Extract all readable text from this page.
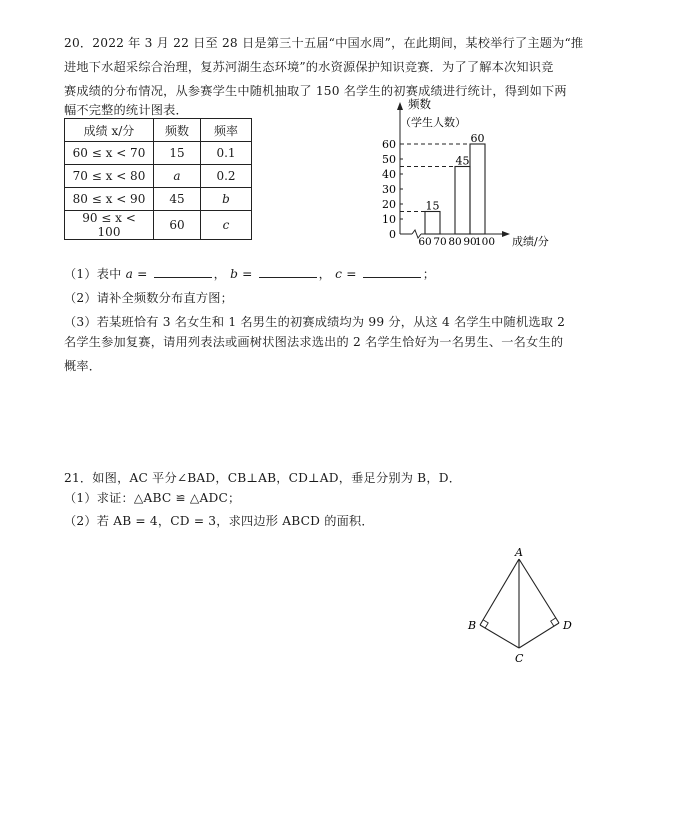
20．2022 年 3 月 22 日至 28 日是第三十五届“中国水周”，在此期间，某校举行了主题为“推
进地下水超采综合治理，复苏河湖生态环境”的水资源保护知识竞赛．为了了解本次知识竞
赛成绩的分布情况，从参赛学生中随机抽取了 150 名学生的初赛成绩进行统计，得到如下两
幅不完整的统计图表．
成绩 x/分	频数	频率
60 ≤ x < 70	15	0.1
70 ≤ x < 80	a	0.2
80 ≤ x < 90	45	b
90 ≤ x < 100	60	c
频数
（学生人数）
成绩/分
0
10
20
30
40
50
60
60 70 80 90
100
15
45
60
（1）表中 a =	， b =	， c =	；
（2）请补全频数分布直方图；
（3）若某班恰有 3 名女生和 1 名男生的初赛成绩均为 99 分，从这 4 名学生中随机选取 2
名学生参加复赛，请用列表法或画树状图法求选出的 2 名学生恰好为一名男生、一名女生的
概率．
21．如图，AC 平分∠BAD，CB⊥AB，CD⊥AD，垂足分别为 B，D．
（1）求证：△ABC ≌ △ADC；
（2）若 AB = 4，CD = 3，求四边形 ABCD 的面积．
A
B
C
D
